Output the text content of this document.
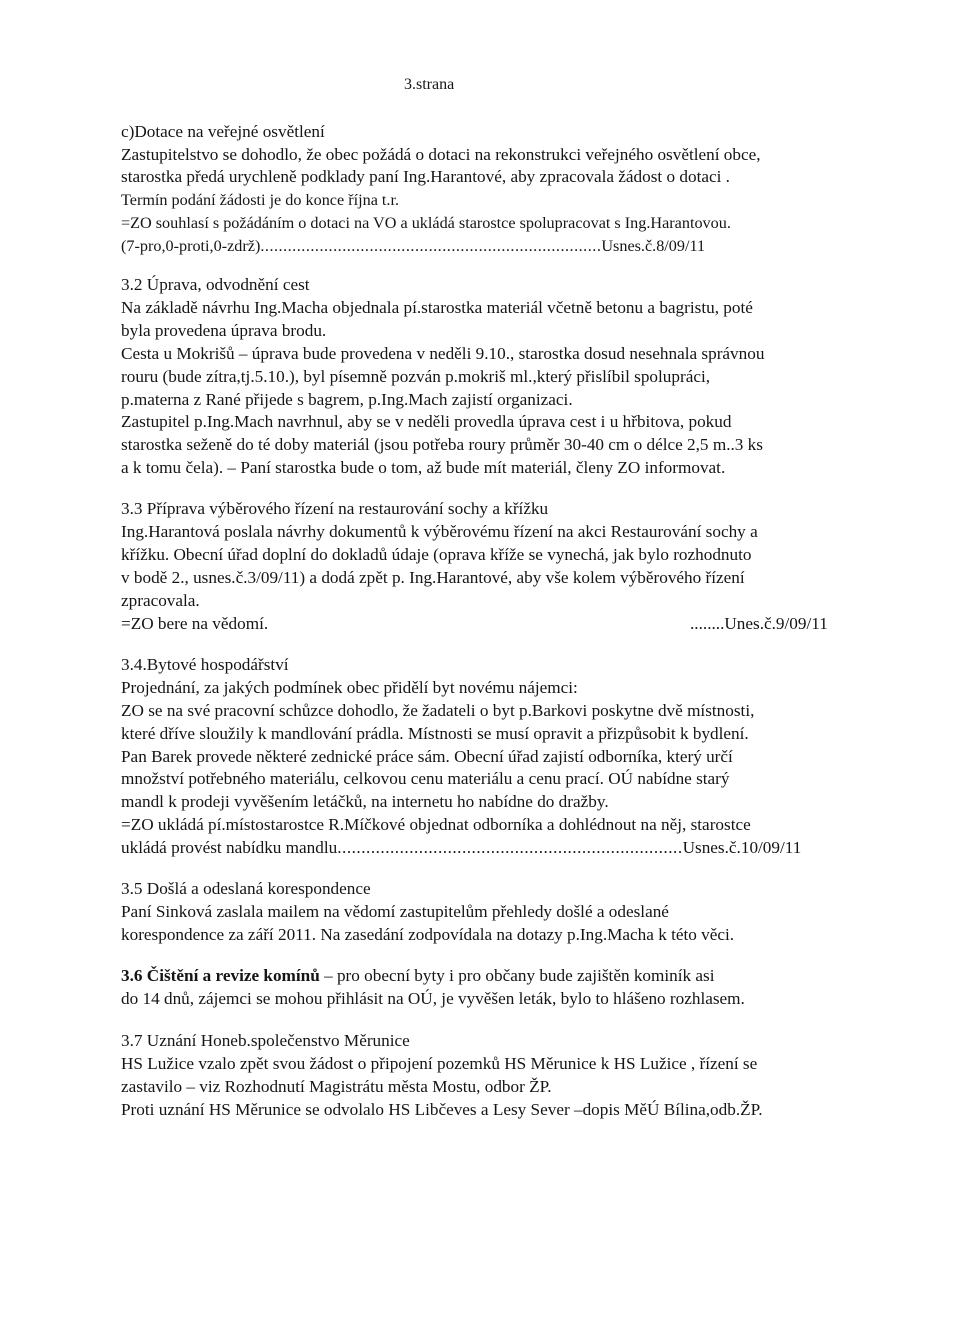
3.strana
c)Dotace na veřejné osvětlení
Zastupitelstvo se dohodlo, že obec požádá o dotaci na rekonstrukci veřejného osvětlení obce,
starostka předá urychleně podklady paní Ing.Harantové, aby zpracovala žádost o dotaci .
Termín podání žádosti je do konce října t.r.
=ZO souhlasí s požádáním o dotaci na VO a ukládá starostce spolupracovat s Ing.Harantovou.
(7-pro,0-proti,0-zdrž)...........................................................................Usnes.č.8/09/11
3.2 Úprava, odvodnění cest
Na základě návrhu Ing.Macha objednala pí.starostka materiál včetně betonu a bagristu, poté
byla provedena úprava brodu.
Cesta u Mokrišů – úprava bude provedena v neděli 9.10., starostka dosud nesehnala správnou
rouru (bude zítra,tj.5.10.), byl písemně pozván p.mokriš ml.,který přislíbil spolupráci,
p.materna z Rané přijede s bagrem, p.Ing.Mach zajistí organizaci.
Zastupitel p.Ing.Mach navrhnul, aby se v neděli provedla úprava cest i u hřbitova, pokud
starostka seženě do té doby materiál (jsou potřeba roury průměr 30-40 cm o délce 2,5 m..3 ks
a k tomu čela). – Paní starostka bude o tom, až bude mít materiál, členy ZO informovat.
3.3 Příprava výběrového řízení na restaurování sochy a křížku
Ing.Harantová poslala návrhy dokumentů k výběrovému řízení na akci Restaurování sochy a
křížku. Obecní úřad doplní do dokladů údaje (oprava kříže se vynechá, jak bylo rozhodnuto
v bodě 2., usnes.č.3/09/11) a dodá zpět p. Ing.Harantové, aby vše kolem výběrového řízení
zpracovala.
=ZO bere na vědomí.	........Unes.č.9/09/11
3.4.Bytové hospodářství
Projednání, za jakých podmínek obec přidělí byt novému nájemci:
ZO se na své pracovní schůzce dohodlo, že žadateli o byt p.Barkovi poskytne dvě místnosti,
které dříve sloužily k mandlování prádla. Místnosti se musí opravit a přizpůsobit k bydlení.
Pan Barek provede některé zednické práce sám. Obecní úřad zajistí odborníka, který určí
množství potřebného materiálu, celkovou cenu materiálu a cenu prací. OÚ nabídne starý
mandl k prodeji vyvěšením letáčků, na internetu ho nabídne do dražby.
=ZO ukládá pí.místostarostce R.Míčkové objednat odborníka a dohlédnout na něj, starostce
ukládá provést nabídku mandlu........................................................................Usnes.č.10/09/11
3.5 Došlá a odeslaná korespondence
Paní Sinková zaslala mailem na vědomí zastupitelům přehledy došlé a odeslané
korespondence za září 2011. Na zasedání zodpovídala na dotazy p.Ing.Macha k této věci.
3.6 Čištění a revize komínů – pro obecní byty i pro občany bude zajištěn kominík asi
do 14 dnů, zájemci se mohou přihlásit na OÚ, je vyvěšen leták, bylo to hlášeno rozhlasem.
3.7 Uznání Honeb.společenstvo Měrunice
HS Lužice vzalo zpět svou žádost o připojení pozemků HS Měrunice k HS Lužice , řízení se
zastavilo – viz Rozhodnutí Magistrátu města Mostu, odbor ŽP.
Proti uznání HS Měrunice se odvolalo HS Libčeves a Lesy Sever –dopis MěÚ Bílina,odb.ŽP.
